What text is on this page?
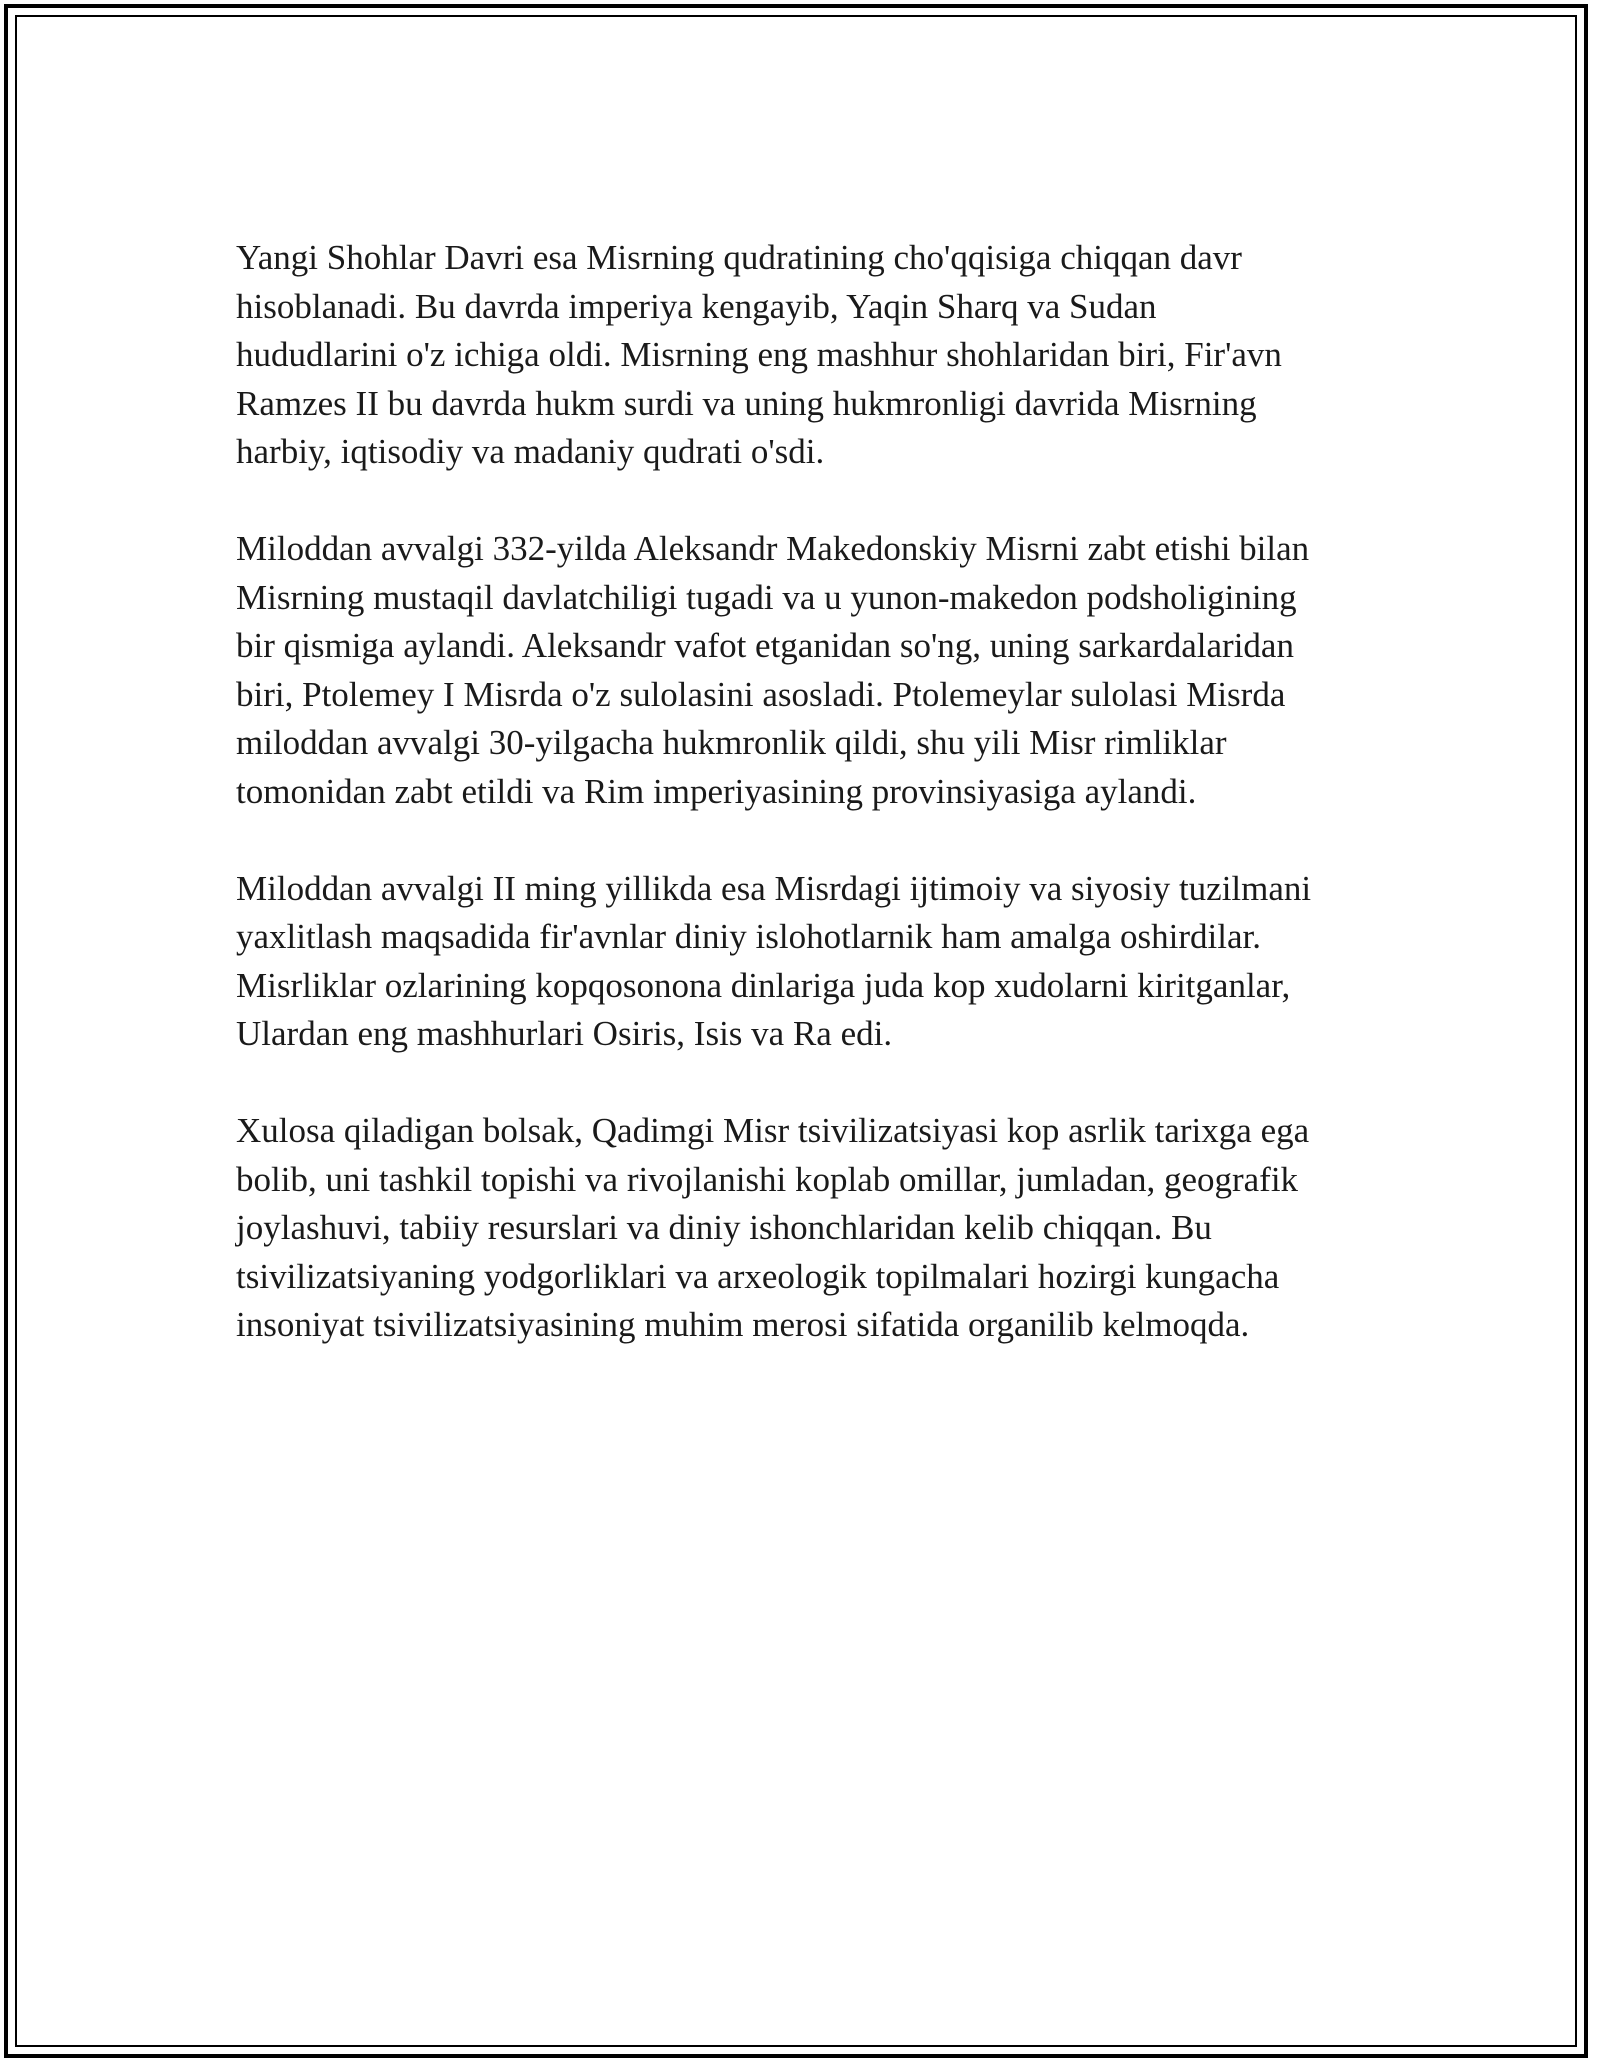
Yangi Shohlar Davri esa Misrning qudratining cho'qqisiga chiqqan davr
hisoblanadi. Bu davrda imperiya kengayib, Yaqin Sharq va Sudan
hududlarini o'z ichiga oldi. Misrning eng mashhur shohlaridan biri, Fir'avn
Ramzes II bu davrda hukm surdi va uning hukmronligi davrida Misrning
harbiy, iqtisodiy va madaniy qudrati o'sdi.

Miloddan avvalgi 332-yilda Aleksandr Makedonskiy Misrni zabt etishi bilan
Misrning mustaqil davlatchiligi tugadi va u yunon-makedon podsholigining
bir qismiga aylandi. Aleksandr vafot etganidan so'ng, uning sarkardalaridan
biri, Ptolemey I Misrda o'z sulolasini asosladi. Ptolemeylar sulolasi Misrda
miloddan avvalgi 30-yilgacha hukmronlik qildi, shu yili Misr rimliklar
tomonidan zabt etildi va Rim imperiyasining provinsiyasiga aylandi.

Miloddan avvalgi II ming yillikda esa Misrdagi ijtimoiy va siyosiy tuzilmani
yaxlitlash maqsadida fir'avnlar diniy islohotlarnik ham amalga oshirdilar.
Misrliklar ozlarining kopqosonona dinlariga juda kop xudolarni kiritganlar,
Ulardan eng mashhurlari Osiris, Isis va Ra edi.

Xulosa qiladigan bolsak, Qadimgi Misr tsivilizatsiyasi kop asrlik tarixga ega
bolib, uni tashkil topishi va rivojlanishi koplab omillar, jumladan, geografik
joylashuvi, tabiiy resurslari va diniy ishonchlaridan kelib chiqqan. Bu
tsivilizatsiyaning yodgorliklari va arxeologik topilmalari hozirgi kungacha
insoniyat tsivilizatsiyasining muhim merosi sifatida organilib kelmoqda.
